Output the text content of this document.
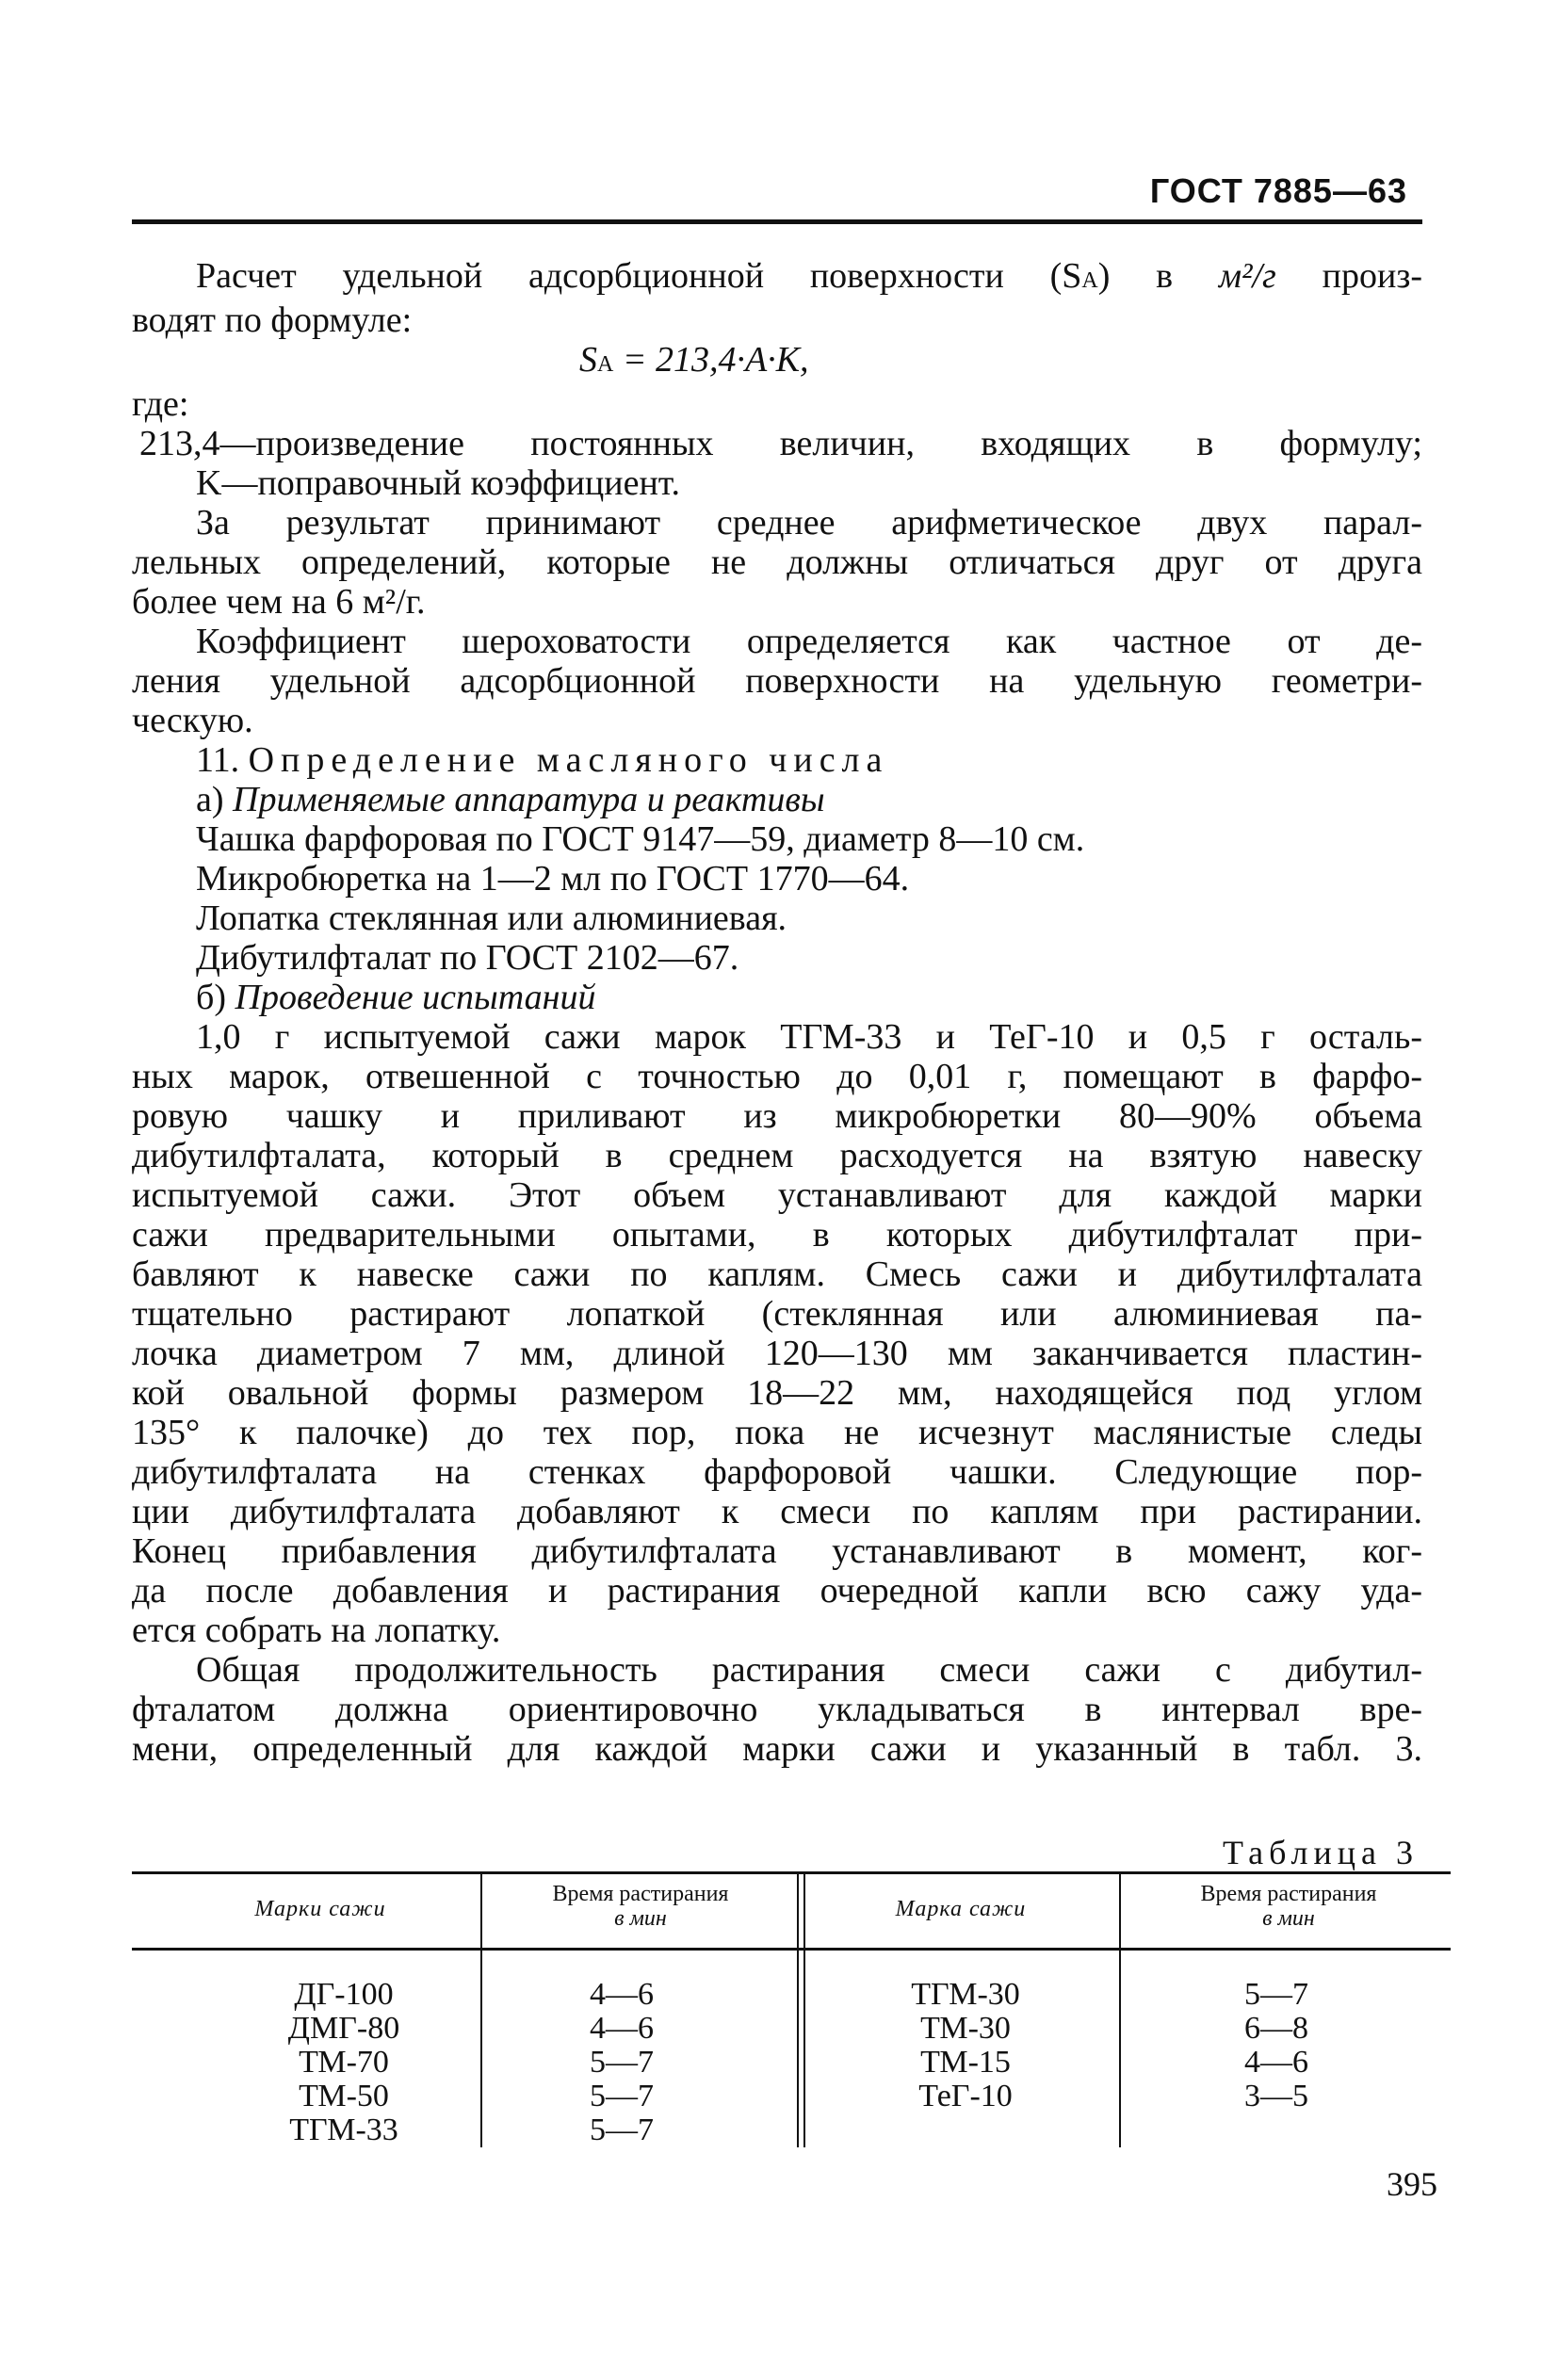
ГОСТ 7885—63
Расчет удельной адсорбционной поверхности (SA) в м²/г произ-
водят по формуле:
SA = 213,4·A·K,
где:
213,4—произведение постоянных величин, входящих в формулу;
K—поправочный коэффициент.
За результат принимают среднее арифметическое двух парал-
лельных определений, которые не должны отличаться друг от друга
более чем на 6 м²/г.
Коэффициент шероховатости определяется как частное от де-
ления удельной адсорбционной поверхности на удельную геометри-
ческую.
11. Определение масляного числа
а) Применяемые аппаратура и реактивы
Чашка фарфоровая по ГОСТ 9147—59, диаметр 8—10 см.
Микробюретка на 1—2 мл по ГОСТ 1770—64.
Лопатка стеклянная или алюминиевая.
Дибутилфталат по ГОСТ 2102—67.
б) Проведение испытаний
1,0 г испытуемой сажи марок ТГМ-33 и ТеГ-10 и 0,5 г осталь-
ных марок, отвешенной с точностью до 0,01 г, помещают в фарфо-
ровую чашку и приливают из микробюретки 80—90% объема
дибутилфталата, который в среднем расходуется на взятую навеску
испытуемой сажи. Этот объем устанавливают для каждой марки
сажи предварительными опытами, в которых дибутилфталат при-
бавляют к навеске сажи по каплям. Смесь сажи и дибутилфталата
тщательно растирают лопаткой (стеклянная или алюминиевая па-
лочка диаметром 7 мм, длиной 120—130 мм заканчивается пластин-
кой овальной формы размером 18—22 мм, находящейся под углом
135° к палочке) до тех пор, пока не исчезнут маслянистые следы
дибутилфталата на стенках фарфоровой чашки. Следующие пор-
ции дибутилфталата добавляют к смеси по каплям при растирании.
Конец прибавления дибутилфталата устанавливают в момент, ког-
да после добавления и растирания очередной капли всю сажу уда-
ется собрать на лопатку.
Общая продолжительность растирания смеси сажи с дибутил-
фталатом должна ориентировочно укладываться в интервал вре-
мени, определенный для каждой марки сажи и указанный в табл. 3.
Таблица 3
Марки сажи
Время растирания
в мин	Марка сажи
Время растирания
в мин
ДГ-100
ДМГ-80
ТМ-70
ТМ-50
ТГМ-33
4—6
4—6
5—7
5—7
5—7
ТГМ-30
ТМ-30
ТМ-15
ТеГ-10
5—7
6—8
4—6
3—5
395
